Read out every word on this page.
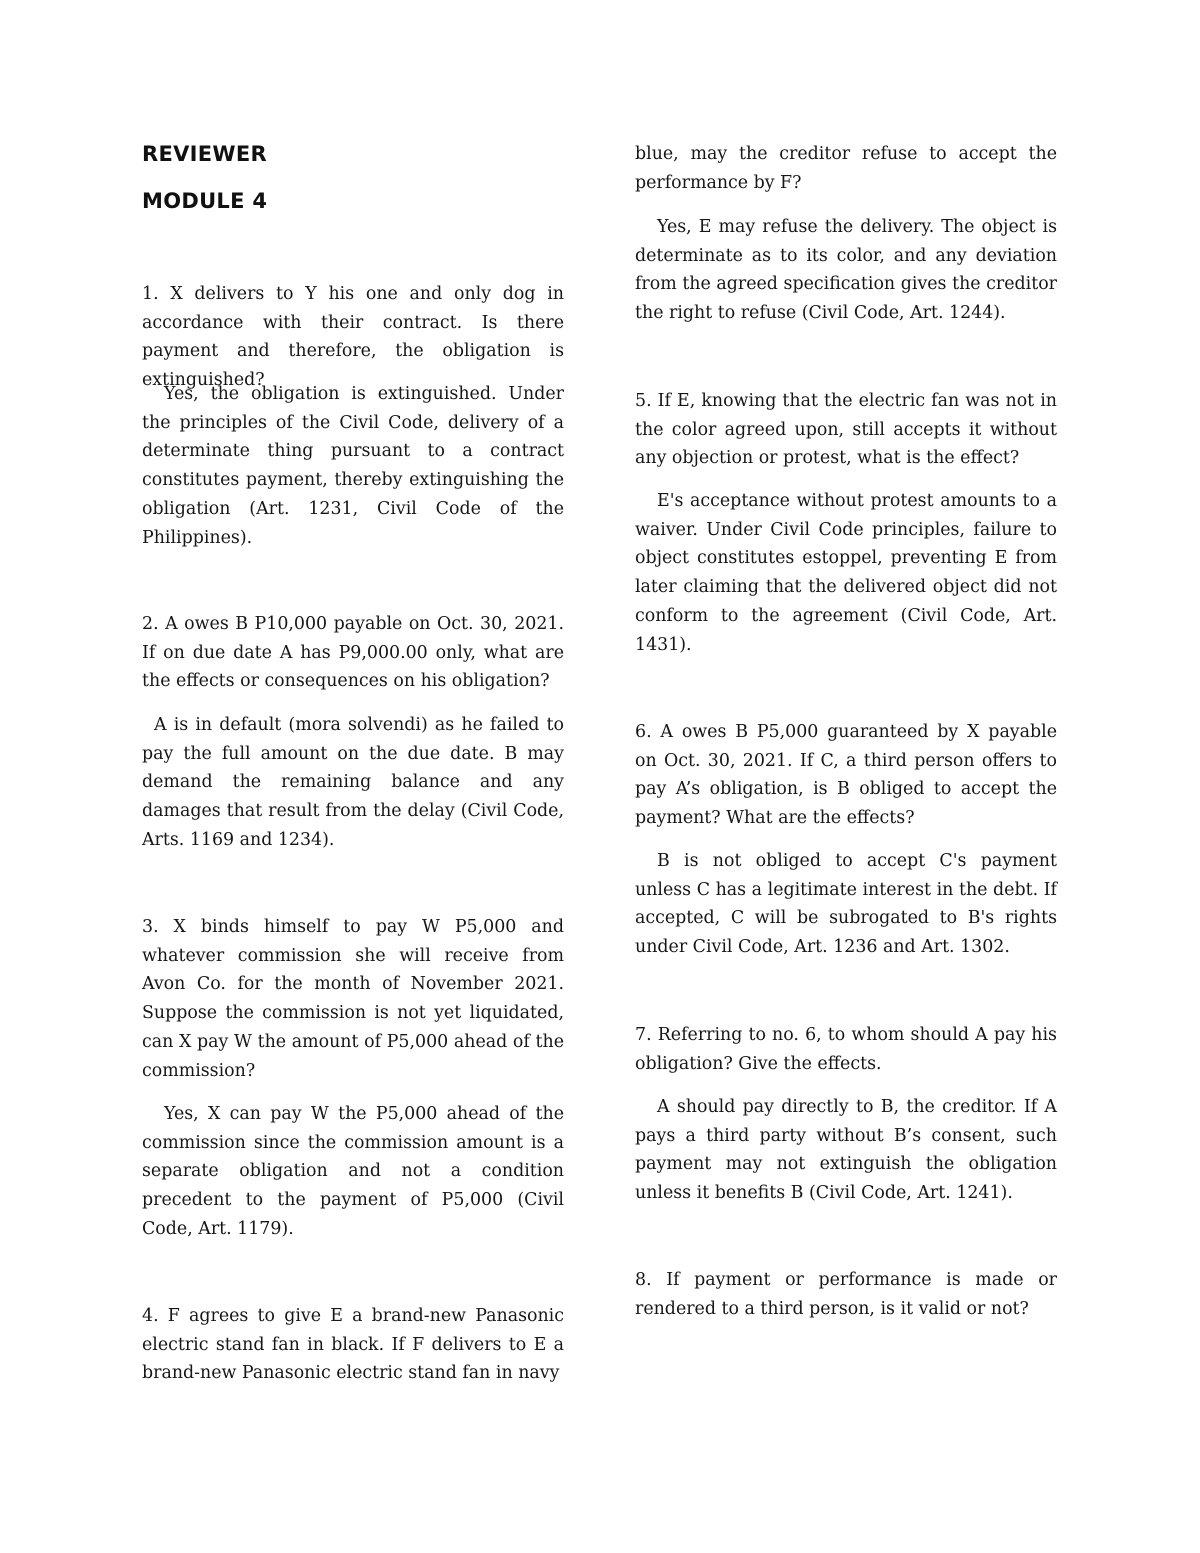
REVIEWER
MODULE 4

1. X delivers to Y his one and only dog in accordance with their contract. Is there payment and therefore, the obligation is extinguished?

Yes, the obligation is extinguished. Under the principles of the Civil Code, delivery of a determinate thing pursuant to a contract constitutes payment, thereby extinguishing the obligation (Art. 1231, Civil Code of the Philippines).

2. A owes B P10,000 payable on Oct. 30, 2021. If on due date A has P9,000.00 only, what are the effects or consequences on his obligation?

A is in default (mora solvendi) as he failed to pay the full amount on the due date. B may demand the remaining balance and any damages that result from the delay (Civil Code, Arts. 1169 and 1234).

3. X binds himself to pay W P5,000 and whatever commission she will receive from Avon Co. for the month of November 2021. Suppose the commission is not yet liquidated, can X pay W the amount of P5,000 ahead of the commission?

Yes, X can pay W the P5,000 ahead of the commission since the commission amount is a separate obligation and not a condition precedent to the payment of P5,000 (Civil Code, Art. 1179).

4. F agrees to give E a brand-new Panasonic electric stand fan in black. If F delivers to E a brand-new Panasonic electric stand fan in navy

blue, may the creditor refuse to accept the performance by F?

Yes, E may refuse the delivery. The object is determinate as to its color, and any deviation from the agreed specification gives the creditor the right to refuse (Civil Code, Art. 1244).

5. If E, knowing that the electric fan was not in the color agreed upon, still accepts it without any objection or protest, what is the effect?

E's acceptance without protest amounts to a waiver. Under Civil Code principles, failure to object constitutes estoppel, preventing E from later claiming that the delivered object did not conform to the agreement (Civil Code, Art. 1431).

6. A owes B P5,000 guaranteed by X payable on Oct. 30, 2021. If C, a third person offers to pay A’s obligation, is B obliged to accept the payment? What are the effects?

B is not obliged to accept C's payment unless C has a legitimate interest in the debt. If accepted, C will be subrogated to B's rights under Civil Code, Art. 1236 and Art. 1302.

7. Referring to no. 6, to whom should A pay his obligation? Give the effects.

A should pay directly to B, the creditor. If A pays a third party without B’s consent, such payment may not extinguish the obligation unless it benefits B (Civil Code, Art. 1241).

8. If payment or performance is made or rendered to a third person, is it valid or not?
